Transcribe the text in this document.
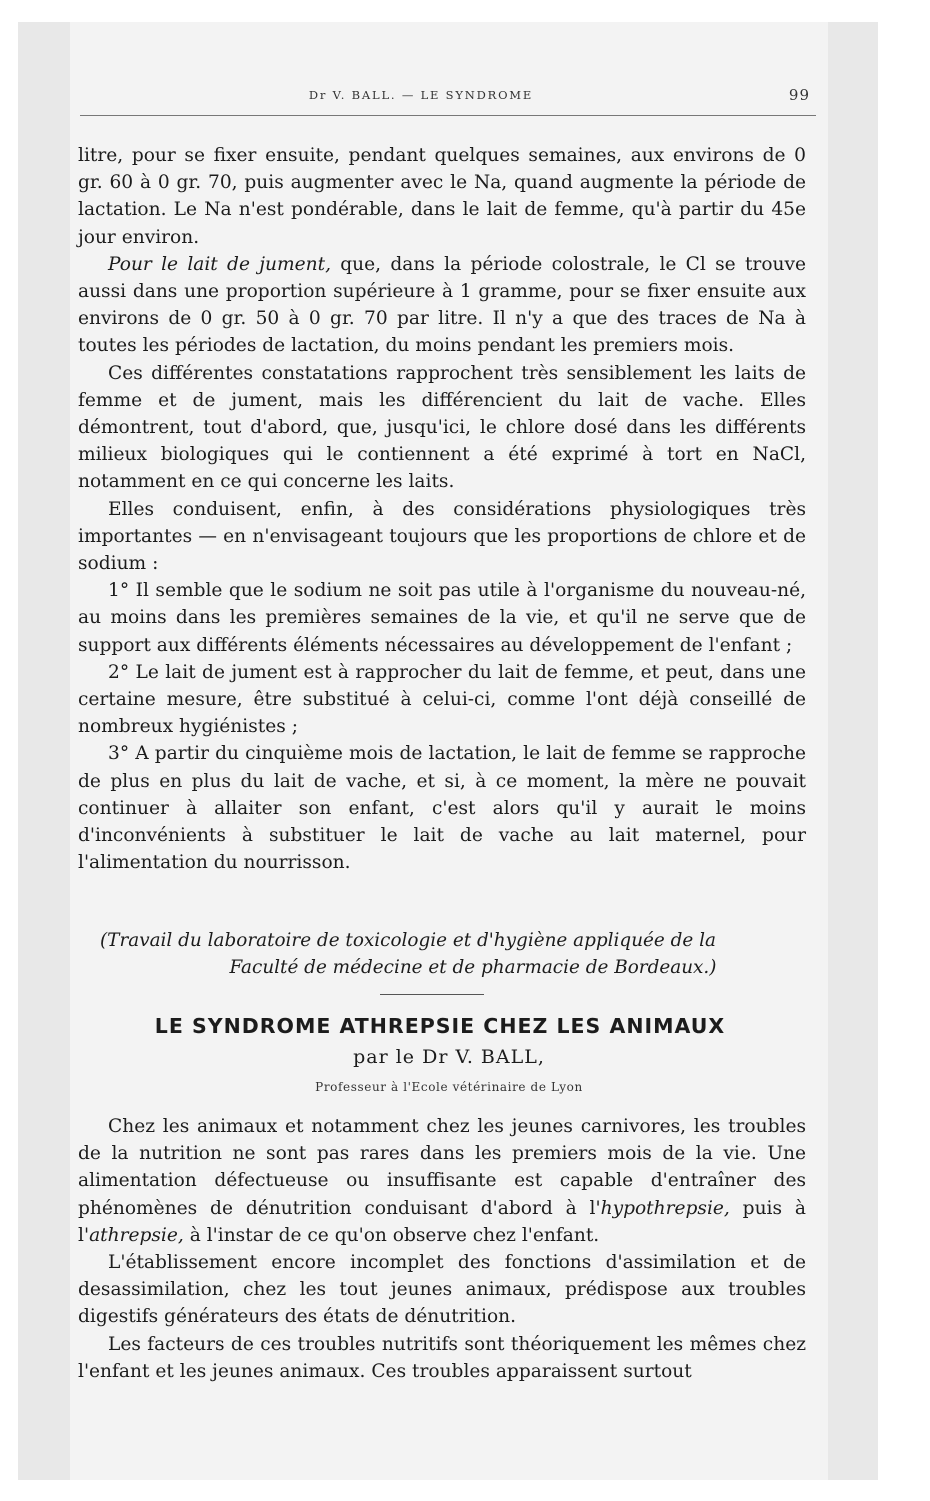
Dr V. BALL. — LE SYNDROME	99

litre, pour se fixer ensuite, pendant quelques semaines, aux environs de 0 gr. 60 à 0 gr. 70, puis augmenter avec le Na, quand augmente la période de lactation. Le Na n'est pondérable, dans le lait de femme, qu'à partir du 45e jour environ.

Pour le lait de jument, que, dans la période colostrale, le Cl se trouve aussi dans une proportion supérieure à 1 gramme, pour se fixer ensuite aux environs de 0 gr. 50 à 0 gr. 70 par litre. Il n'y a que des traces de Na à toutes les périodes de lactation, du moins pendant les premiers mois.

Ces différentes constatations rapprochent très sensiblement les laits de femme et de jument, mais les différencient du lait de vache. Elles démontrent, tout d'abord, que, jusqu'ici, le chlore dosé dans les différents milieux biologiques qui le contiennent a été exprimé à tort en NaCl, notamment en ce qui concerne les laits.

Elles conduisent, enfin, à des considérations physiologiques très importantes — en n'envisageant toujours que les proportions de chlore et de sodium :

1° Il semble que le sodium ne soit pas utile à l'organisme du nouveau-né, au moins dans les premières semaines de la vie, et qu'il ne serve que de support aux différents éléments nécessaires au développement de l'enfant ;

2° Le lait de jument est à rapprocher du lait de femme, et peut, dans une certaine mesure, être substitué à celui-ci, comme l'ont déjà conseillé de nombreux hygiénistes ;

3° A partir du cinquième mois de lactation, le lait de femme se rapproche de plus en plus du lait de vache, et si, à ce moment, la mère ne pouvait continuer à allaiter son enfant, c'est alors qu'il y aurait le moins d'inconvénients à substituer le lait de vache au lait maternel, pour l'alimentation du nourrisson.

(Travail du laboratoire de toxicologie et d'hygiène appliquée de la
Faculté de médecine et de pharmacie de Bordeaux.)
LE SYNDROME ATHREPSIE CHEZ LES ANIMAUX
par le Dr V. BALL,
Professeur à l'Ecole vétérinaire de Lyon

Chez les animaux et notamment chez les jeunes carnivores, les troubles de la nutrition ne sont pas rares dans les premiers mois de la vie. Une alimentation défectueuse ou insuffisante est capable d'entraîner des phénomènes de dénutrition conduisant d'abord à l'hypothrepsie, puis à l'athrepsie, à l'instar de ce qu'on observe chez l'enfant.

L'établissement encore incomplet des fonctions d'assimilation et de desassimilation, chez les tout jeunes animaux, prédispose aux troubles digestifs générateurs des états de dénutrition.

Les facteurs de ces troubles nutritifs sont théoriquement les mêmes chez l'enfant et les jeunes animaux. Ces troubles apparaissent surtout
